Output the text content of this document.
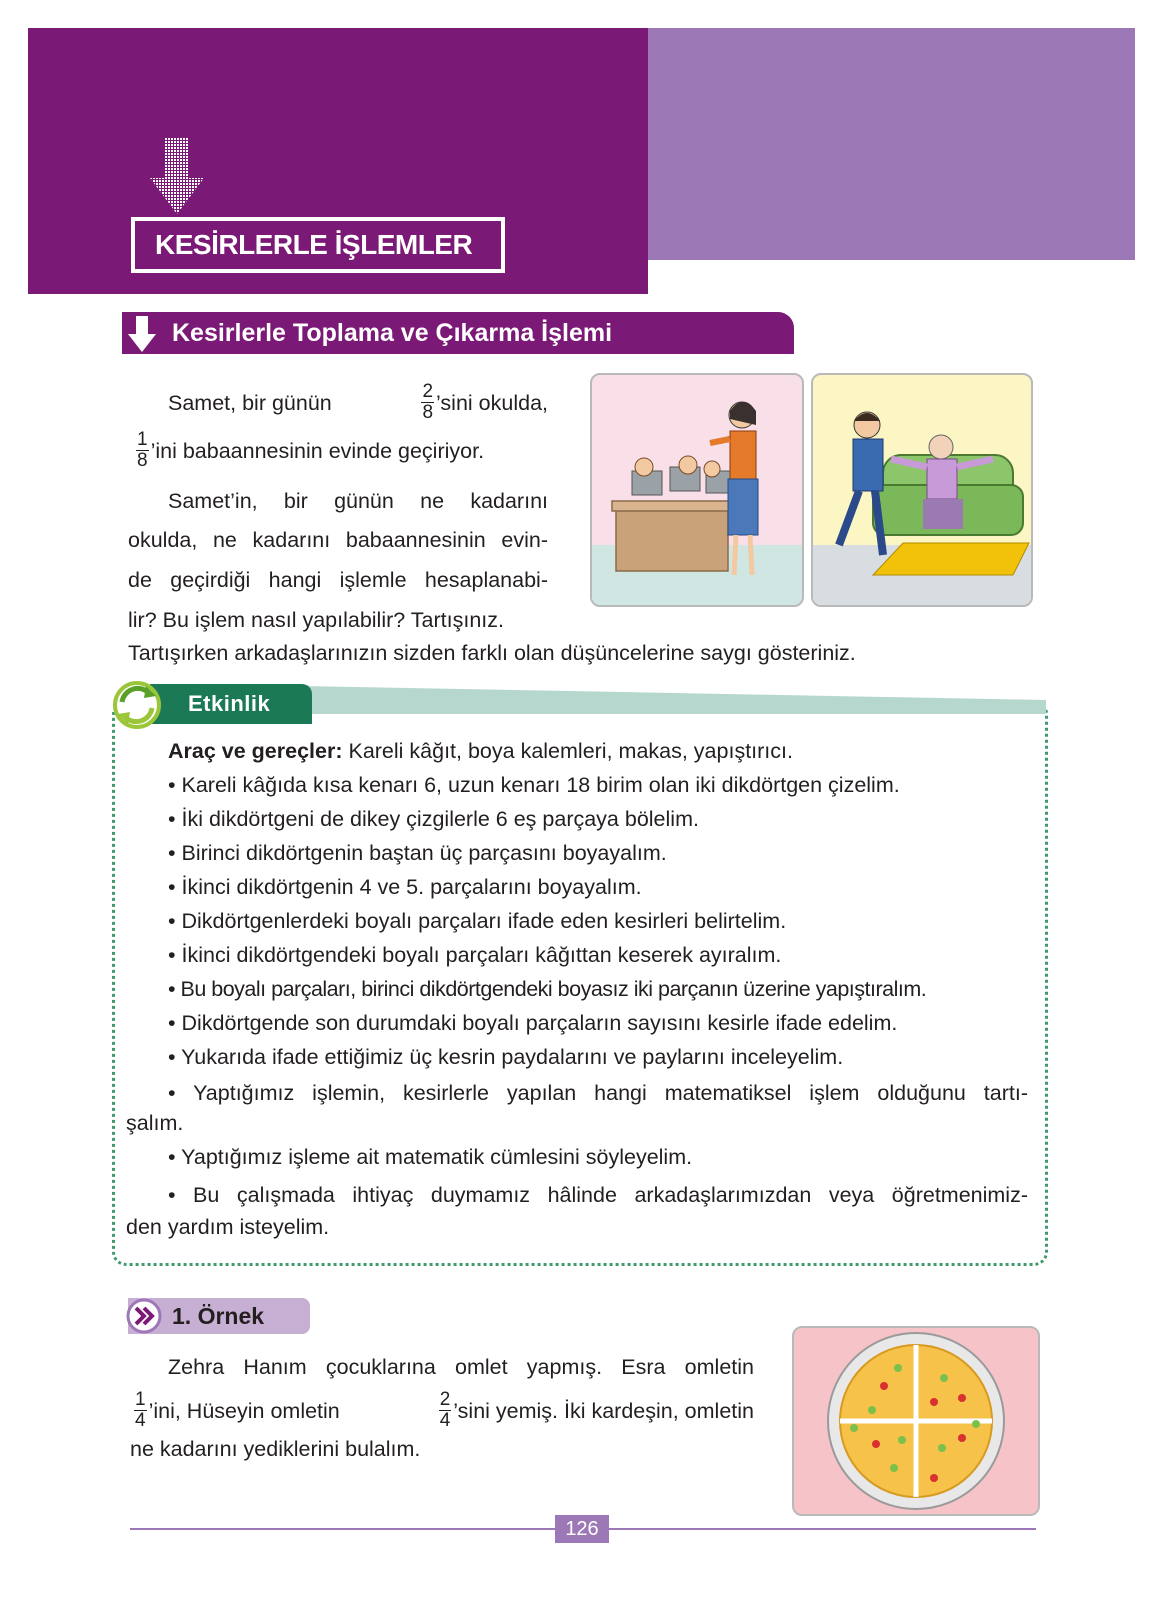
KESİRLERLE İŞLEMLER
Kesirlerle Toplama ve Çıkarma İşlemi
Samet, bir günün	$\frac{2}{8}$ ’sini okulda,
$\frac{1}{8}$ ’ini babaannesinin evinde geçiriyor.
Samet’in, bir günün ne kadarını
okulda, ne kadarını babaannesinin evin-
de geçirdiği hangi işlemle hesaplanabi-
lir? Bu işlem nasıl yapılabilir? Tartışınız.
Tartışırken arkadaşlarınızın sizden farklı olan düşüncelerine saygı gösteriniz.
Etkinlik
Araç ve gereçler: Kareli kâğıt, boya kalemleri, makas, yapıştırıcı.
• Kareli kâğıda kısa kenarı 6, uzun kenarı 18 birim olan iki dikdörtgen çizelim.
• İki dikdörtgeni de dikey çizgilerle 6 eş parçaya bölelim.
• Birinci dikdörtgenin baştan üç parçasını boyayalım.
• İkinci dikdörtgenin 4 ve 5. parçalarını boyayalım.
• Dikdörtgenlerdeki boyalı parçaları ifade eden kesirleri belirtelim.
• İkinci dikdörtgendeki boyalı parçaları kâğıttan keserek ayıralım.
• Bu boyalı parçaları, birinci dikdörtgendeki boyasız iki parçanın üzerine yapıştıralım.
• Dikdörtgende son durumdaki boyalı parçaların sayısını kesirle ifade edelim.
• Yukarıda ifade ettiğimiz üç kesrin paydalarını ve paylarını inceleyelim.
• Yaptığımız işlemin, kesirlerle yapılan hangi matematiksel işlem olduğunu tartı-
şalım.
• Yaptığımız işleme ait matematik cümlesini söyleyelim.
• Bu çalışmada ihtiyaç duymamız hâlinde arkadaşlarımızdan veya öğretmenimiz-
den yardım isteyelim.
1. Örnek
Zehra Hanım çocuklarına omlet yapmış. Esra omletin
$\frac{1}{4}$ ’ini, Hüseyin omletin	$\frac{2}{4}$ ’sini yemiş. İki kardeşin, omletin
ne kadarını yediklerini bulalım.
126
